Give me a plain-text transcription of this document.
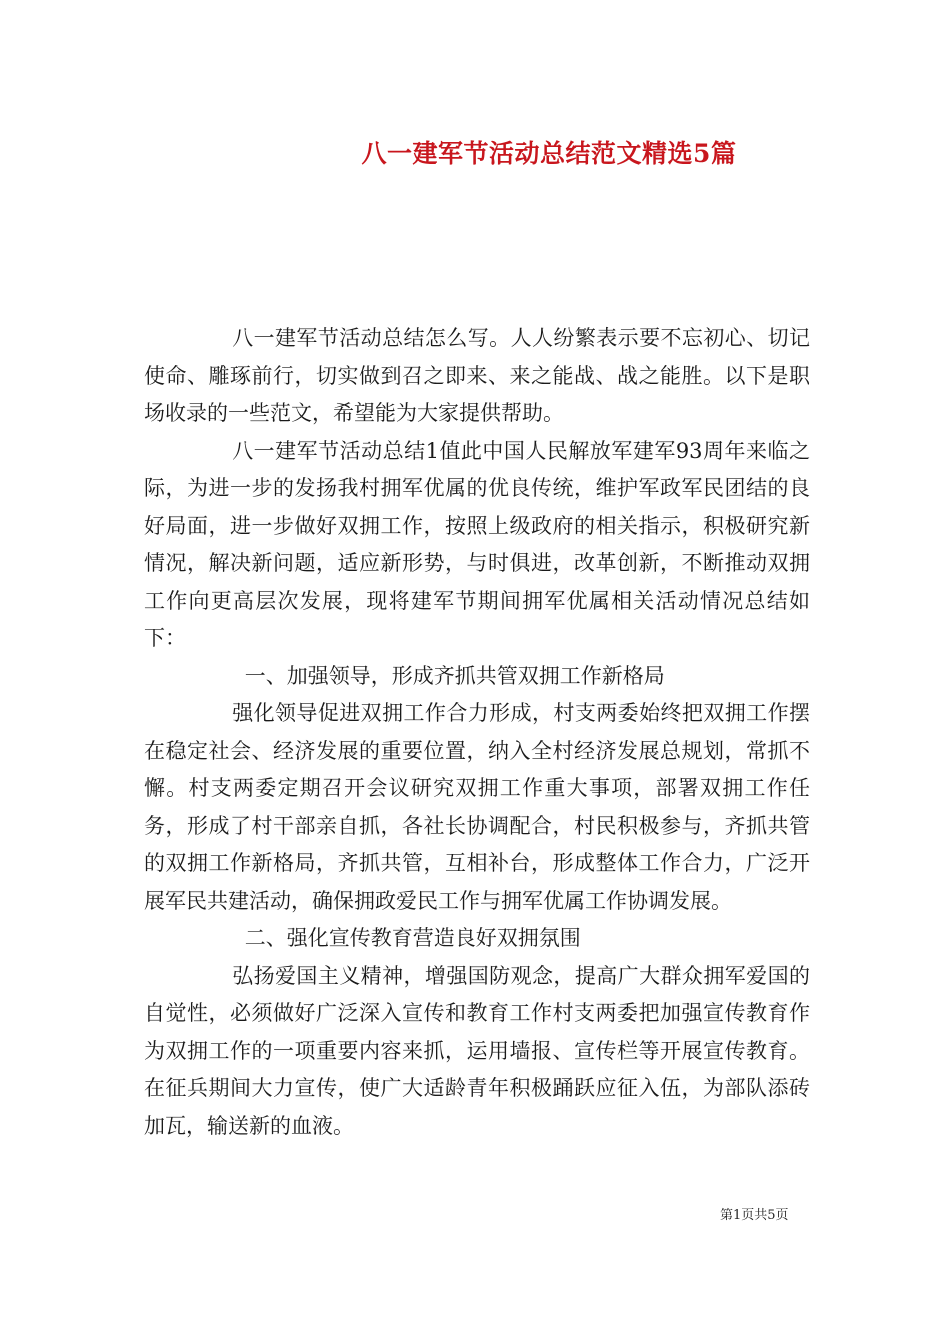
八一建军节活动总结范文精选5篇

八一建军节活动总结怎么写。人人纷繁表示要不忘初心、切记使命、雕琢前行，切实做到召之即来、来之能战、战之能胜。以下是职场收录的一些范文，希望能为大家提供帮助。

八一建军节活动总结1值此中国人民解放军建军93周年来临之际，为进一步的发扬我村拥军优属的优良传统，维护军政军民团结的良好局面，进一步做好双拥工作，按照上级政府的相关指示，积极研究新情况，解决新问题，适应新形势，与时俱进，改革创新，不断推动双拥工作向更高层次发展，现将建军节期间拥军优属相关活动情况总结如下：

一、加强领导，形成齐抓共管双拥工作新格局

强化领导促进双拥工作合力形成，村支两委始终把双拥工作摆在稳定社会、经济发展的重要位置，纳入全村经济发展总规划，常抓不懈。村支两委定期召开会议研究双拥工作重大事项，部署双拥工作任务，形成了村干部亲自抓，各社长协调配合，村民积极参与，齐抓共管的双拥工作新格局，齐抓共管，互相补台，形成整体工作合力，广泛开展军民共建活动，确保拥政爱民工作与拥军优属工作协调发展。

二、强化宣传教育营造良好双拥氛围

弘扬爱国主义精神，增强国防观念，提高广大群众拥军爱国的自觉性，必须做好广泛深入宣传和教育工作村支两委把加强宣传教育作为双拥工作的一项重要内容来抓，运用墙报、宣传栏等开展宣传教育。在征兵期间大力宣传，使广大适龄青年积极踊跃应征入伍，为部队添砖加瓦，输送新的血液。

第1页共5页
